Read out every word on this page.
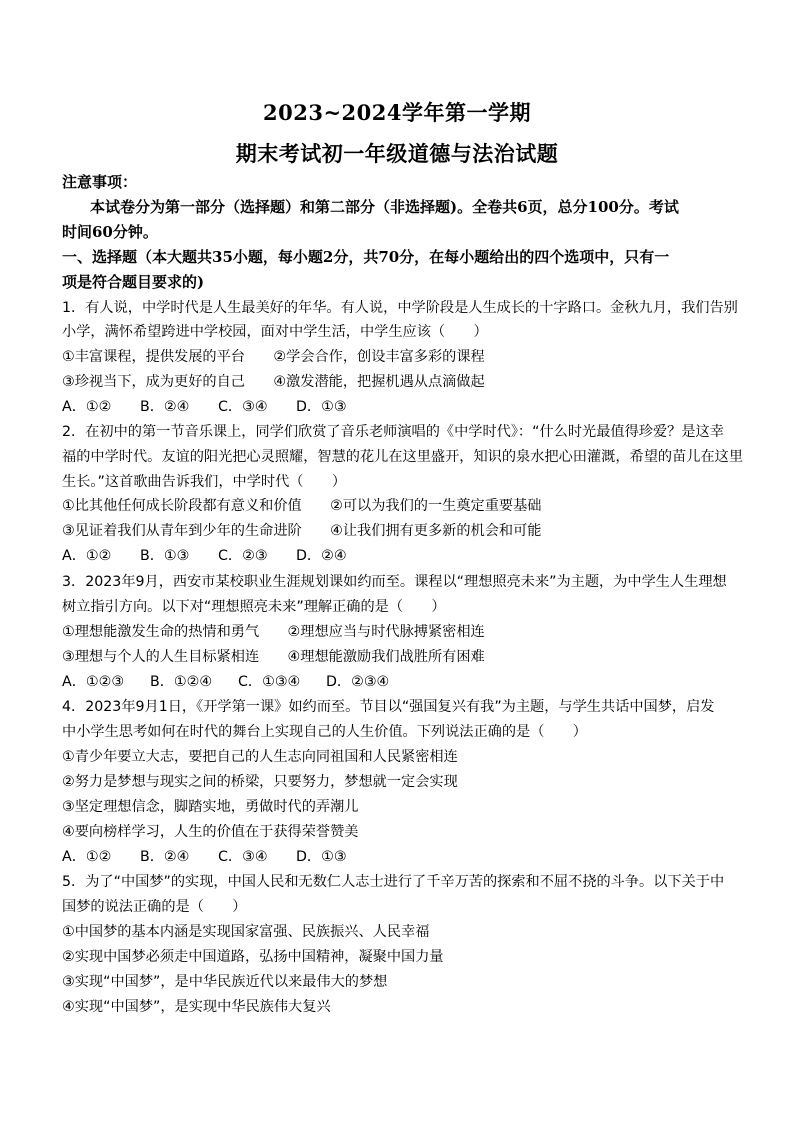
2023~2024学年第一学期
期末考试初一年级道德与法治试题
注意事项：
本试卷分为第一部分（选择题）和第二部分（非选择题)。全卷共6页，总分100分。考试
时间60分钟。
一、选择题（本大题共35小题，每小题2分，共70分，在每小题给出的四个选项中，只有一
项是符合题目要求的)
1．有人说，中学时代是人生最美好的年华。有人说，中学阶段是人生成长的十字路口。金秋九月，我们告别
小学，满怀希望跨进中学校园，面对中学生活，中学生应该（　　）
①丰富课程，提供发展的平台　　②学会合作，创设丰富多彩的课程
③珍视当下，成为更好的自己　　④激发潜能，把握机遇从点滴做起
A．①② B．②④ C．③④ D．①③
2．在初中的第一节音乐课上，同学们欣赏了音乐老师演唱的《中学时代》：“什么时光最值得珍爱？是这幸
福的中学时代。友谊的阳光把心灵照耀，智慧的花儿在这里盛开，知识的泉水把心田灌溉，希望的苗儿在这里
生长。”这首歌曲告诉我们，中学时代（　　）
①比其他任何成长阶段都有意义和价值　　②可以为我们的一生奠定重要基础
③见证着我们从青年到少年的生命进阶　　④让我们拥有更多新的机会和可能
A．①② B．①③ C．②③ D．②④
3．2023年9月，西安市某校职业生涯规划课如约而至。课程以“理想照亮未来”为主题，为中学生人生理想
树立指引方向。以下对“理想照亮未来”理解正确的是（　　）
①理想能激发生命的热情和勇气　　②理想应当与时代脉搏紧密相连
③理想与个人的人生目标紧相连　　④理想能激励我们战胜所有困难
A．①②③ B．①②④ C．①③④ D．②③④
4．2023年9月1日，《开学第一课》如约而至。节目以“强国复兴有我”为主题，与学生共话中国梦，启发
中小学生思考如何在时代的舞台上实现自己的人生价值。下列说法正确的是（　　）
①青少年要立大志，要把自己的人生志向同祖国和人民紧密相连
②努力是梦想与现实之间的桥梁，只要努力，梦想就一定会实现
③坚定理想信念，脚踏实地，勇做时代的弄潮儿
④要向榜样学习，人生的价值在于获得荣誉赞美
A．①② B．②④ C．③④ D．①③
5．为了“中国梦”的实现，中国人民和无数仁人志士进行了千辛万苦的探索和不屈不挠的斗争。以下关于中
国梦的说法正确的是（　　）
①中国梦的基本内涵是实现国家富强、民族振兴、人民幸福
②实现中国梦必须走中国道路，弘扬中国精神，凝聚中国力量
③实现“中国梦”，是中华民族近代以来最伟大的梦想
④实现“中国梦”，是实现中华民族伟大复兴
